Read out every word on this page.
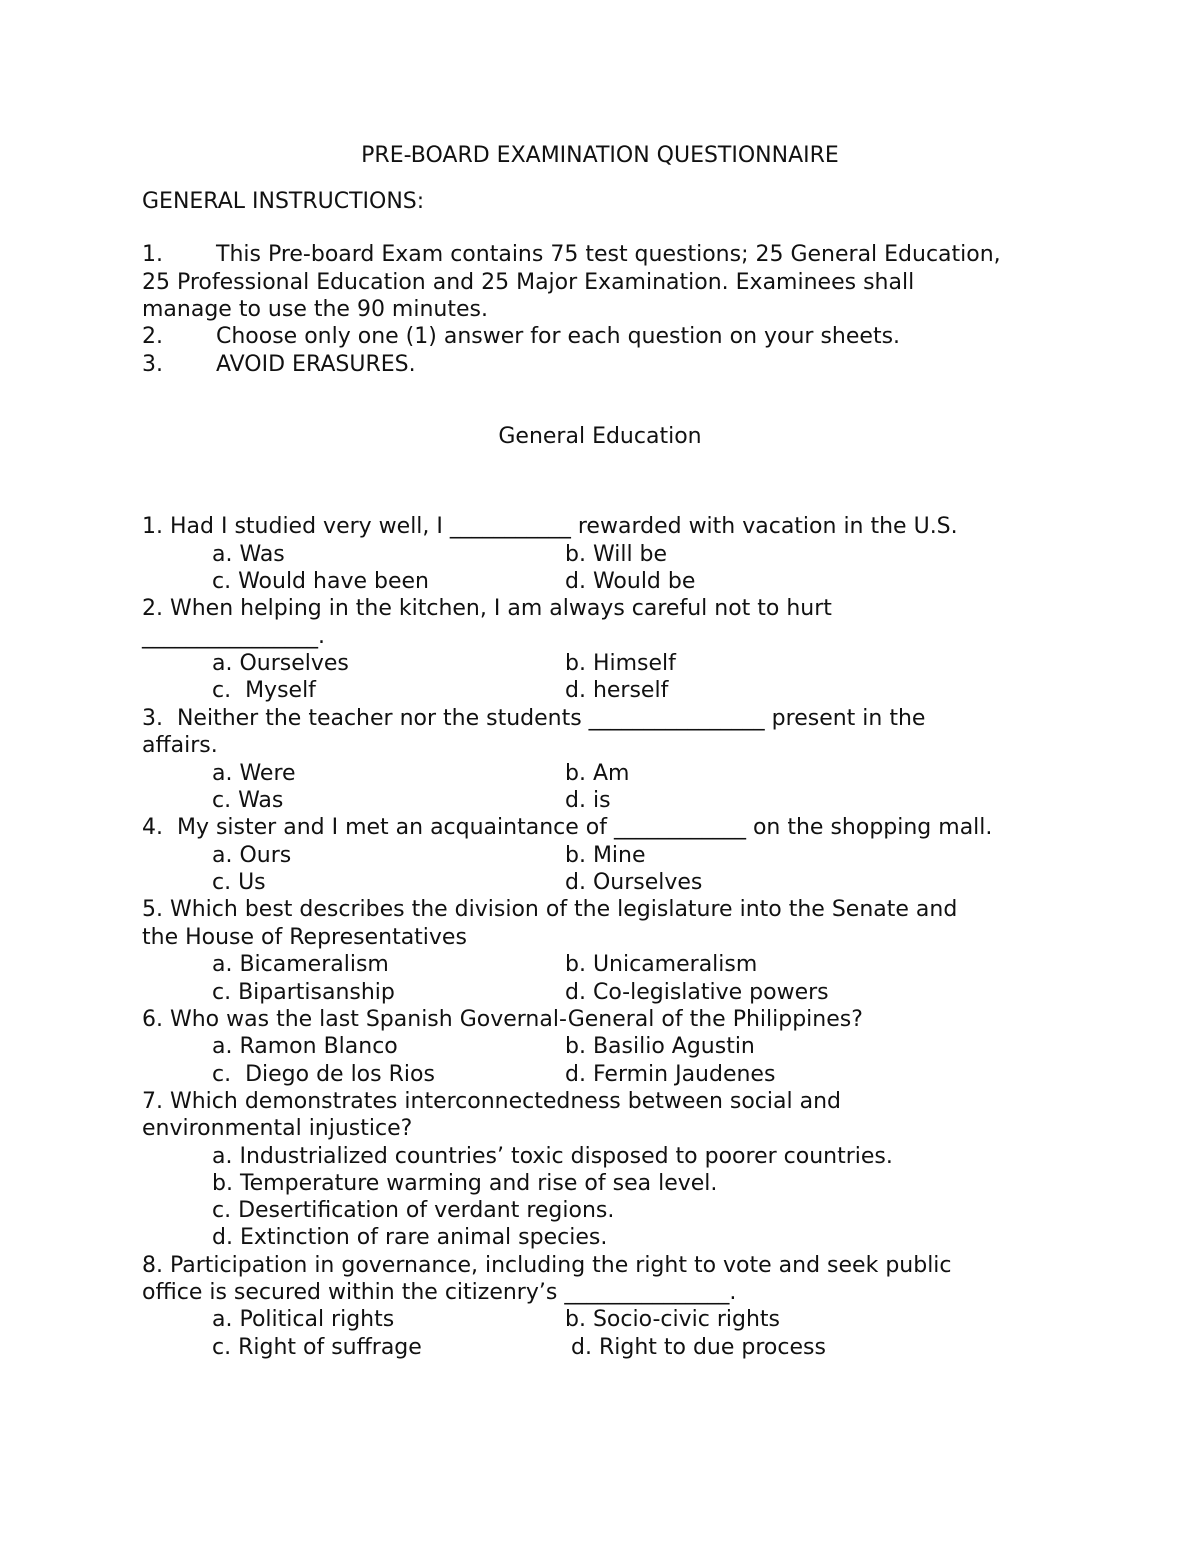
PRE-BOARD EXAMINATION QUESTIONNAIRE
GENERAL INSTRUCTIONS:
1. This Pre-board Exam contains 75 test questions; 25 General Education,
25 Professional Education and 25 Major Examination. Examinees shall
manage to use the 90 minutes.
2. Choose only one (1) answer for each question on your sheets.
3. AVOID ERASURES.
General Education
1. Had I studied very well, I ___________ rewarded with vacation in the U.S.
a. Was	b. Will be
c. Would have been	d. Would be
2. When helping in the kitchen, I am always careful not to hurt
________________.
a. Ourselves	b. Himself
c.  Myself	d. herself
3.  Neither the teacher nor the students ________________ present in the
affairs.
a. Were	b. Am
c. Was	d. is
4.  My sister and I met an acquaintance of ____________ on the shopping mall.
a. Ours	b. Mine
c. Us	d. Ourselves
5. Which best describes the division of the legislature into the Senate and
the House of Representatives
a. Bicameralism	b. Unicameralism
c. Bipartisanship	d. Co-legislative powers
6. Who was the last Spanish Governal-General of the Philippines?
a. Ramon Blanco	b. Basilio Agustin
c.  Diego de los Rios	d. Fermin Jaudenes
7. Which demonstrates interconnectedness between social and
environmental injustice?
a. Industrialized countries’ toxic disposed to poorer countries.
b. Temperature warming and rise of sea level.
c. Desertification of verdant regions.
d. Extinction of rare animal species.
8. Participation in governance, including the right to vote and seek public
office is secured within the citizenry’s _______________.
a. Political rights	b. Socio-civic rights
c. Right of suffrage	d. Right to due process
